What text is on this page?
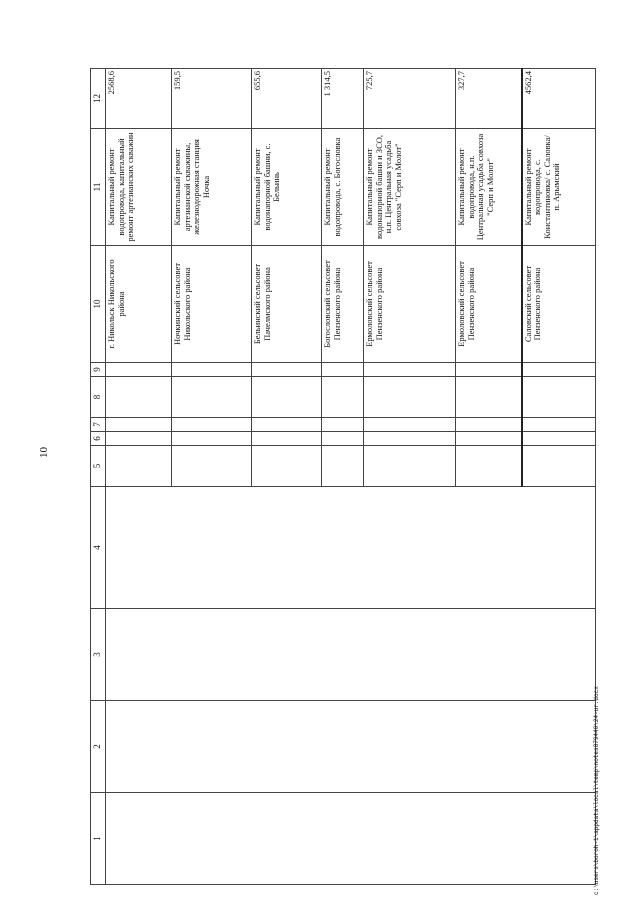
10
1	2	3	4	5	6	7	8	9	10	11	12
									г. Никольск Никольского района	Капитальный ремонт водопровода, капитальный ремонт артезианских скважин	2568,6
									Ночкинский сельсовет Никольского района	Капитальный ремонт артезианской скважины, железнодорожная станция Ночка	159,5
									Бельинский сельсовет Пачелмского района	Капитальный ремонт водонапорной башни, с. Бельинь	655,6
									Богословский сельсовет Пензенского района	Капитальный ремонт водопровода, с. Богословка	1 314,5
									Ермоловский сельсовет Пензенского района	Капитальный ремонт водонапорной башни и ЗСО, н.п. Центральная усадьба совхоза "Серп и Молот"	725,7
									Ермоловский сельсовет Пензенского района	Капитальный ремонт водопровода, н.п. Центральная усадьба совхоза "Серп и Молот"	327,7
									Саловский сельсовет Пензенского района	Капитальный ремонт водопровода, с. Константиновка/ с. Саловка/ п. Арымский	4562,4
c:\users\boroh~1\appdata\local\temp\notes879440\24-ur.docx
